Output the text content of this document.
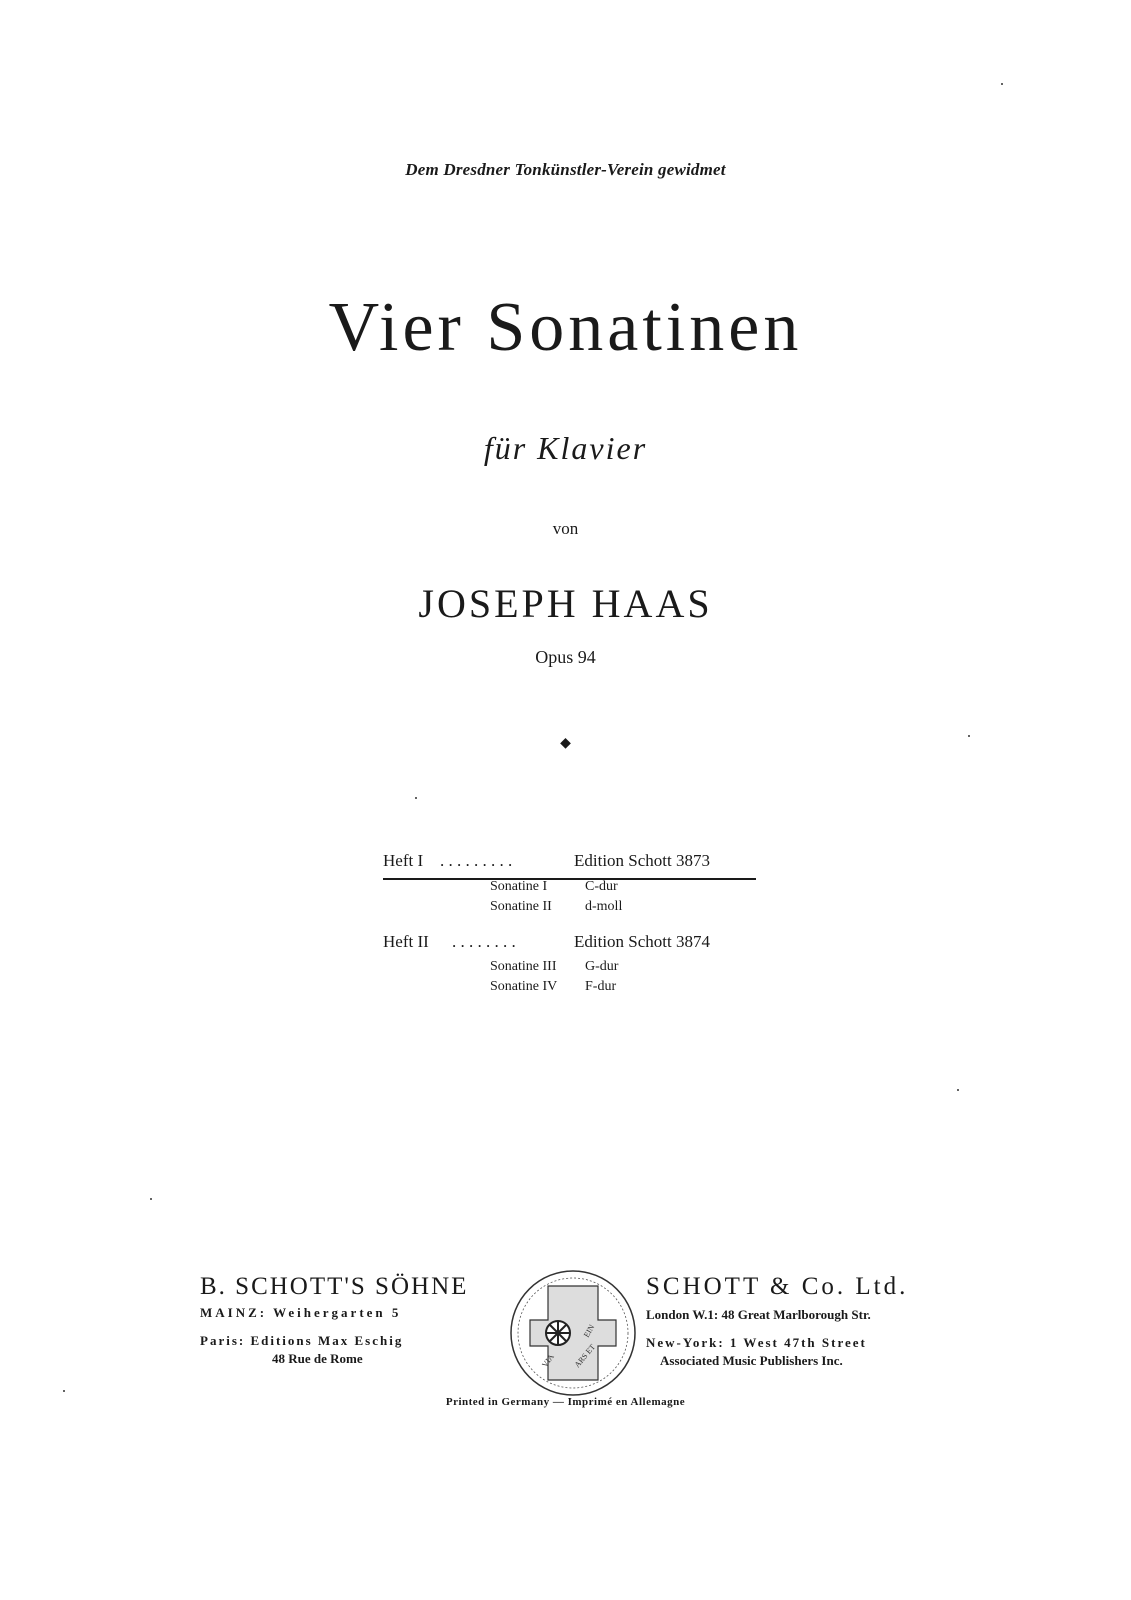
Dem Dresdner Tonkünstler-Verein gewidmet
Vier Sonatinen
für Klavier
von
JOSEPH HAAS
Opus 94
◆
Heft I . . . . . . . . .	Edition Schott 3873
Sonatine I	C-dur
Sonatine II d-moll
Heft II . . . . . . . .	Edition Schott 3874
Sonatine III G-dur
Sonatine IV F-dur
B. SCHOTT'S SÖHNE
MAINZ: Weihergarten 5
Paris: Editions Max Eschig
48 Rue de Rome
EIN
ARS ET
VIA
SCHOTT & Co. Ltd.
London W.1: 48 Great Marlborough Str.
New-York: 1 West 47th Street
Associated Music Publishers Inc.
Printed in Germany — Imprimé en Allemagne
